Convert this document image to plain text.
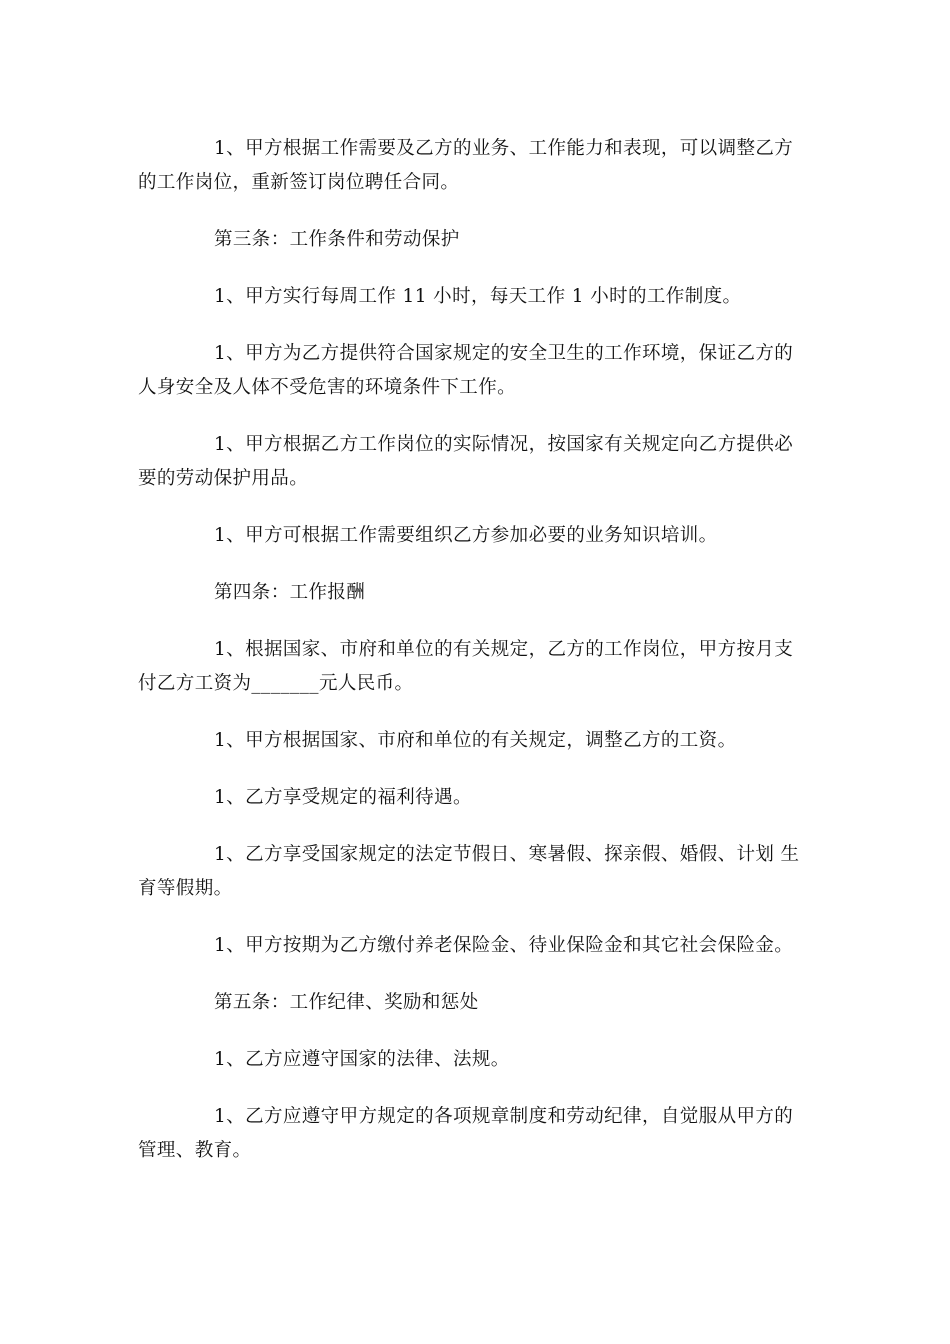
1、甲方根据工作需要及乙方的业务、工作能力和表现，可以调整乙方的工作岗位，重新签订岗位聘任合同。

第三条：工作条件和劳动保护

1、甲方实行每周工作 11 小时，每天工作 1 小时的工作制度。

1、甲方为乙方提供符合国家规定的安全卫生的工作环境，保证乙方的人身安全及人体不受危害的环境条件下工作。

1、甲方根据乙方工作岗位的实际情况，按国家有关规定向乙方提供必要的劳动保护用品。

1、甲方可根据工作需要组织乙方参加必要的业务知识培训。

第四条：工作报酬

1、根据国家、市府和单位的有关规定，乙方的工作岗位，甲方按月支付乙方工资为_______元人民币。

1、甲方根据国家、市府和单位的有关规定，调整乙方的工资。

1、乙方享受规定的福利待遇。

1、乙方享受国家规定的法定节假日、寒暑假、探亲假、婚假、计划 生育等假期。

1、甲方按期为乙方缴付养老保险金、待业保险金和其它社会保险金。

第五条：工作纪律、奖励和惩处

1、乙方应遵守国家的法律、法规。

1、乙方应遵守甲方规定的各项规章制度和劳动纪律，自觉服从甲方的管理、教育。
